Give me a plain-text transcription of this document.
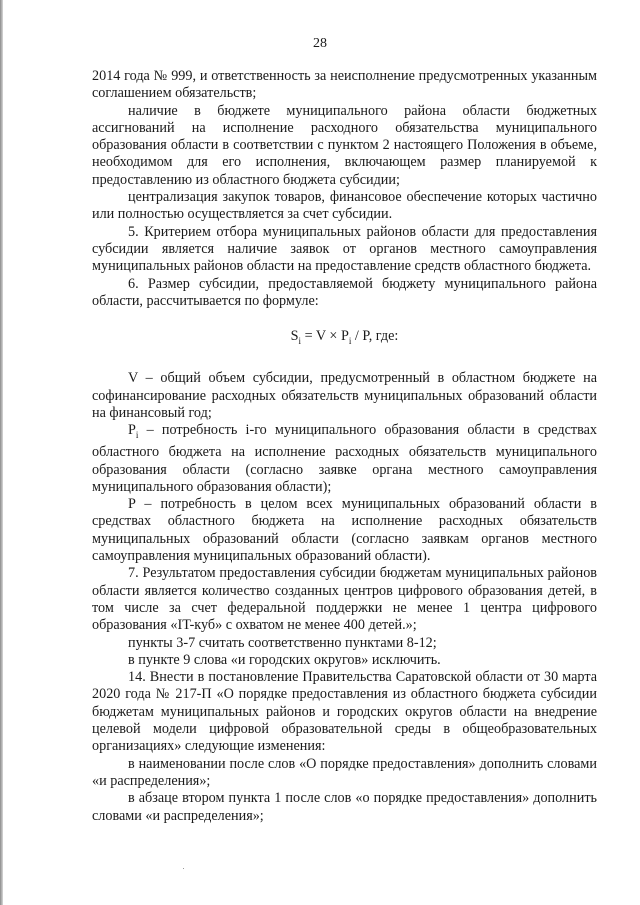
28

2014 года № 999, и ответственность за неисполнение предусмотренных указанным соглашением обязательств;

наличие в бюджете муниципального района области бюджетных ассигнований на исполнение расходного обязательства муниципального образования области в соответствии с пунктом 2 настоящего Положения в объеме, необходимом для его исполнения, включающем размер планируемой к предоставлению из областного бюджета субсидии;

централизация закупок товаров, финансовое обеспечение которых частично или полностью осуществляется за счет субсидии.

5. Критерием отбора муниципальных районов области для предоставления субсидии является наличие заявок от органов местного самоуправления муниципальных районов области на предоставление средств областного бюджета.

6. Размер субсидии, предоставляемой бюджету муниципального района области, рассчитывается по формуле:

$S_i = V \times P_i / P$, где:

V – общий объем субсидии, предусмотренный в областном бюджете на софинансирование расходных обязательств муниципальных образований области на финансовый год;

$P_i$ – потребность i-го муниципального образования области в средствах областного бюджета на исполнение расходных обязательств муниципального образования области (согласно заявке органа местного самоуправления муниципального образования области);

P – потребность в целом всех муниципальных образований области в средствах областного бюджета на исполнение расходных обязательств муниципальных образований области (согласно заявкам органов местного самоуправления муниципальных образований области).

7. Результатом предоставления субсидии бюджетам муниципальных районов области является количество созданных центров цифрового образования детей, в том числе за счет федеральной поддержки не менее 1 центра цифрового образования «IT-куб» с охватом не менее 400 детей.»;

пункты 3-7 считать соответственно пунктами 8-12;

в пункте 9 слова «и городских округов» исключить.

14. Внести в постановление Правительства Саратовской области от 30 марта 2020 года № 217-П «О порядке предоставления из областного бюджета субсидии бюджетам муниципальных районов и городских округов области на внедрение целевой модели цифровой образовательной среды в общеобразовательных организациях» следующие изменения:

в наименовании после слов «О порядке предоставления» дополнить словами «и распределения»;

в абзаце втором пункта 1 после слов «о порядке предоставления» дополнить словами «и распределения»;
